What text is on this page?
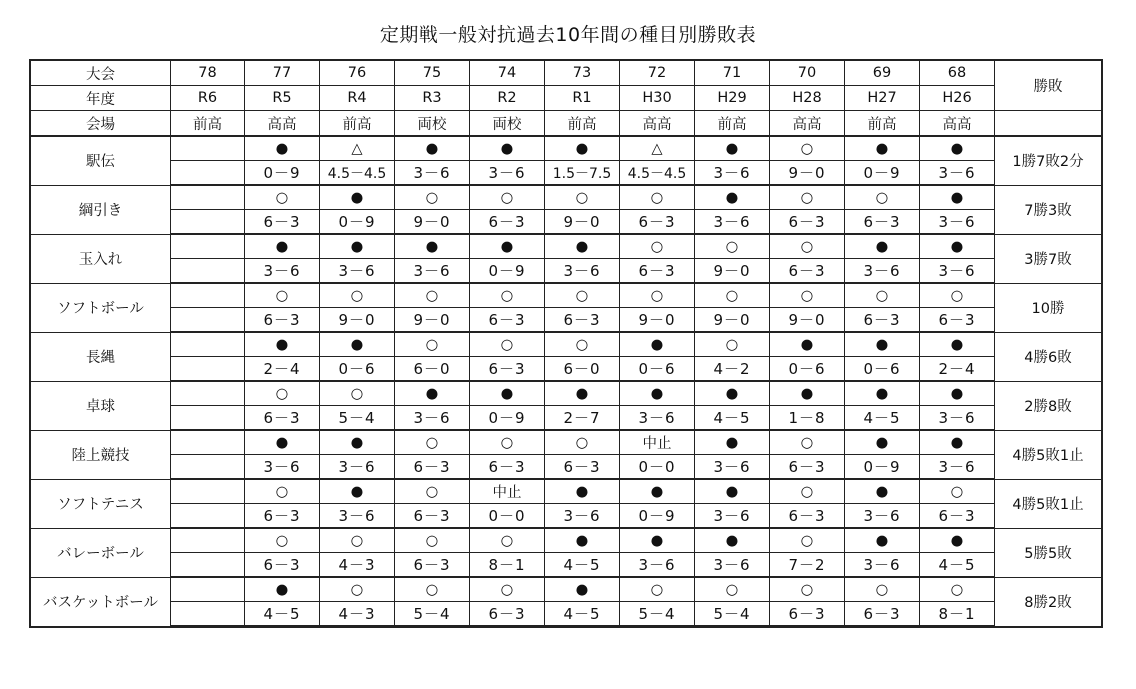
定期戦一般対抗過去10年間の種目別勝敗表
大会	78	77	76	75	74	73	72	71	70	69	68	勝敗
年度	R6	R5	R4	R3	R2	R1	H30	H29	H28	H27	H26	
会場	前高	高高	前高	両校	両校	前高	高高	前高	高高	前高	高高	
駅伝		●	△	●	●	●	△	●	○	●	●	1勝7敗2分
		0－9	4.5－4.5	3－6	3－6	1.5－7.5	4.5－4.5	3－6	9－0	0－9	3－6	
綱引き		○	●	○	○	○	○	●	○	○	●	7勝3敗
		6－3	0－9	9－0	6－3	9－0	6－3	3－6	6－3	6－3	3－6	
玉入れ		●	●	●	●	●	○	○	○	●	●	3勝7敗
		3－6	3－6	3－6	0－9	3－6	6－3	9－0	6－3	3－6	3－6	
ソフトボール		○	○	○	○	○	○	○	○	○	○	10勝
		6－3	9－0	9－0	6－3	6－3	9－0	9－0	9－0	6－3	6－3	
長縄		●	●	○	○	○	●	○	●	●	●	4勝6敗
		2－4	0－6	6－0	6－3	6－0	0－6	4－2	0－6	0－6	2－4	
卓球		○	○	●	●	●	●	●	●	●	●	2勝8敗
		6－3	5－4	3－6	0－9	2－7	3－6	4－5	1－8	4－5	3－6	
陸上競技		●	●	○	○	○	中止	●	○	●	●	4勝5敗1止
		3－6	3－6	6－3	6－3	6－3	0－0	3－6	6－3	0－9	3－6	
ソフトテニス		○	●	○	中止	●	●	●	○	●	○	4勝5敗1止
		6－3	3－6	6－3	0－0	3－6	0－9	3－6	6－3	3－6	6－3	
バレーボール		○	○	○	○	●	●	●	○	●	●	5勝5敗
		6－3	4－3	6－3	8－1	4－5	3－6	3－6	7－2	3－6	4－5	
バスケットボール		●	○	○	○	●	○	○	○	○	○	8勝2敗
		4－5	4－3	5－4	6－3	4－5	5－4	5－4	6－3	6－3	8－1	
